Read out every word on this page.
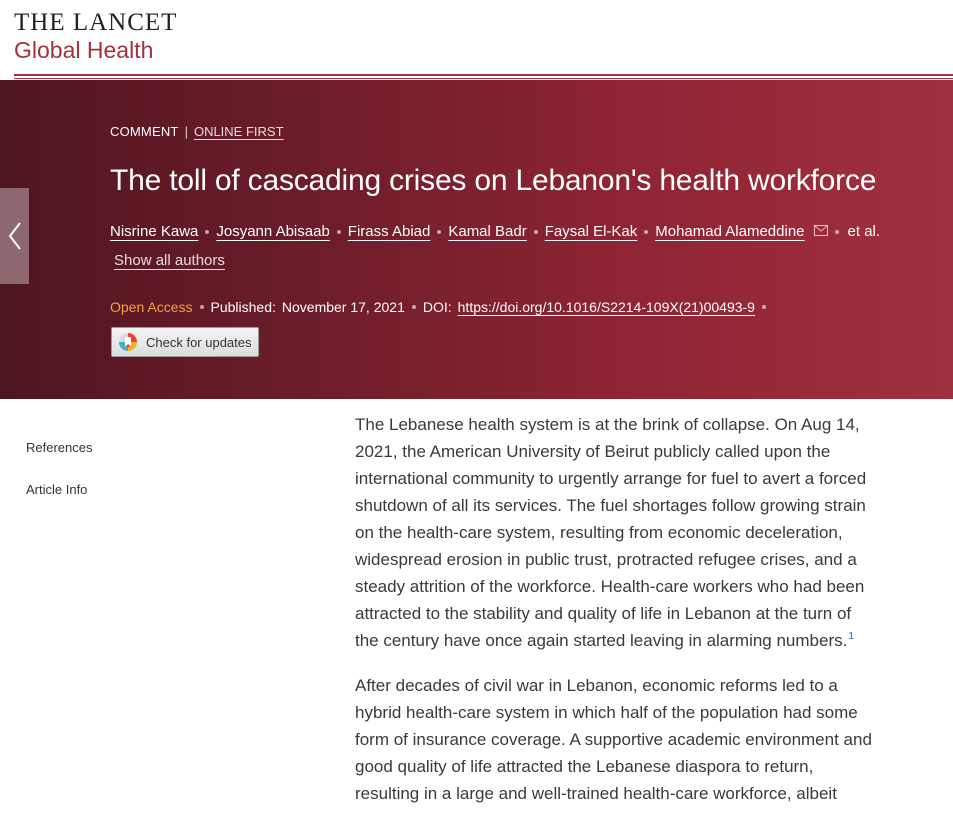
THE LANCET
Global Health
COMMENT | ONLINE FIRST
The toll of cascading crises on Lebanon's health workforce
Nisrine Kawa Josyann Abisaab Firass Abiad Kamal Badr Faysal El-Kak Mohamad Alameddine	et al.
Show all authors
Open Access Published: November 17, 2021 DOI: https://doi.org/10.1016/S2214-109X(21)00493-9
Check for updates
References
Article Info

The Lebanese health system is at the brink of collapse. On Aug 14, 2021, the American University of Beirut publicly called upon the international community to urgently arrange for fuel to avert a forced shutdown of all its services. The fuel shortages follow growing strain on the health-care system, resulting from economic deceleration, widespread erosion in public trust, protracted refugee crises, and a steady attrition of the workforce. Health-care workers who had been attracted to the stability and quality of life in Lebanon at the turn of the century have once again started leaving in alarming numbers.$^1$

After decades of civil war in Lebanon, economic reforms led to a hybrid health-care system in which half of the population had some form of insurance coverage. A supportive academic environment and good quality of life attracted the Lebanese diaspora to return, resulting in a large and well-trained health-care workforce, albeit
